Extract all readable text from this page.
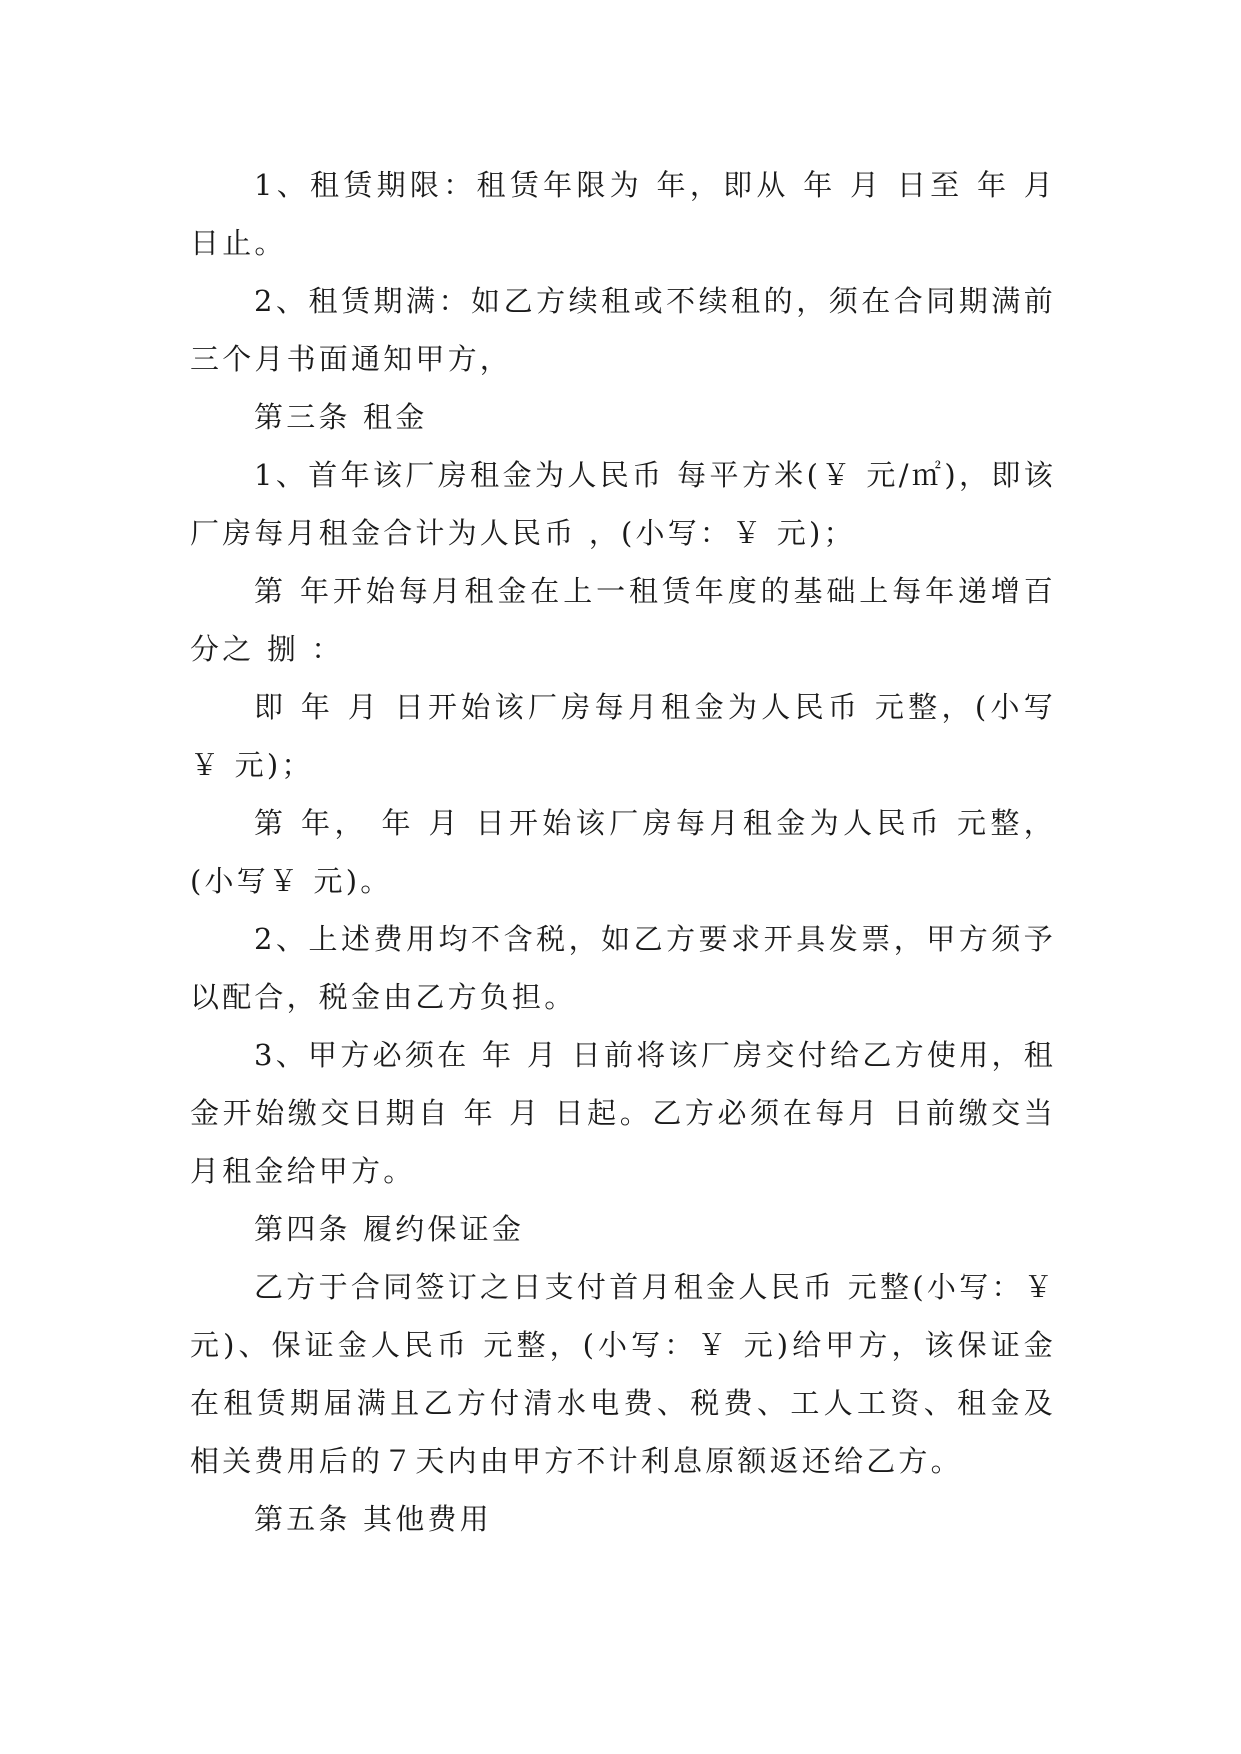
1、租赁期限：租赁年限为 年，即从 年 月 日至 年 月 日止。

2、租赁期满：如乙方续租或不续租的，须在合同期满前三个月书面通知甲方，

第三条 租金

1、首年该厂房租金为人民币 每平方米(￥ 元/㎡)，即该厂房每月租金合计为人民币 ，(小写：￥ 元)；

第 年开始每月租金在上一租赁年度的基础上每年递增百分之 捌 ：

即 年 月 日开始该厂房每月租金为人民币 元整，(小写￥ 元)；

第 年， 年 月 日开始该厂房每月租金为人民币 元整，(小写￥ 元)。

2、上述费用均不含税，如乙方要求开具发票，甲方须予以配合，税金由乙方负担。

3、甲方必须在 年 月 日前将该厂房交付给乙方使用，租金开始缴交日期自 年 月 日起。乙方必须在每月 日前缴交当月租金给甲方。

第四条 履约保证金

乙方于合同签订之日支付首月租金人民币 元整(小写：￥ 元)、保证金人民币 元整，(小写：￥ 元)给甲方，该保证金在租赁期届满且乙方付清水电费、税费、工人工资、租金及相关费用后的７天内由甲方不计利息原额返还给乙方。

第五条 其他费用
